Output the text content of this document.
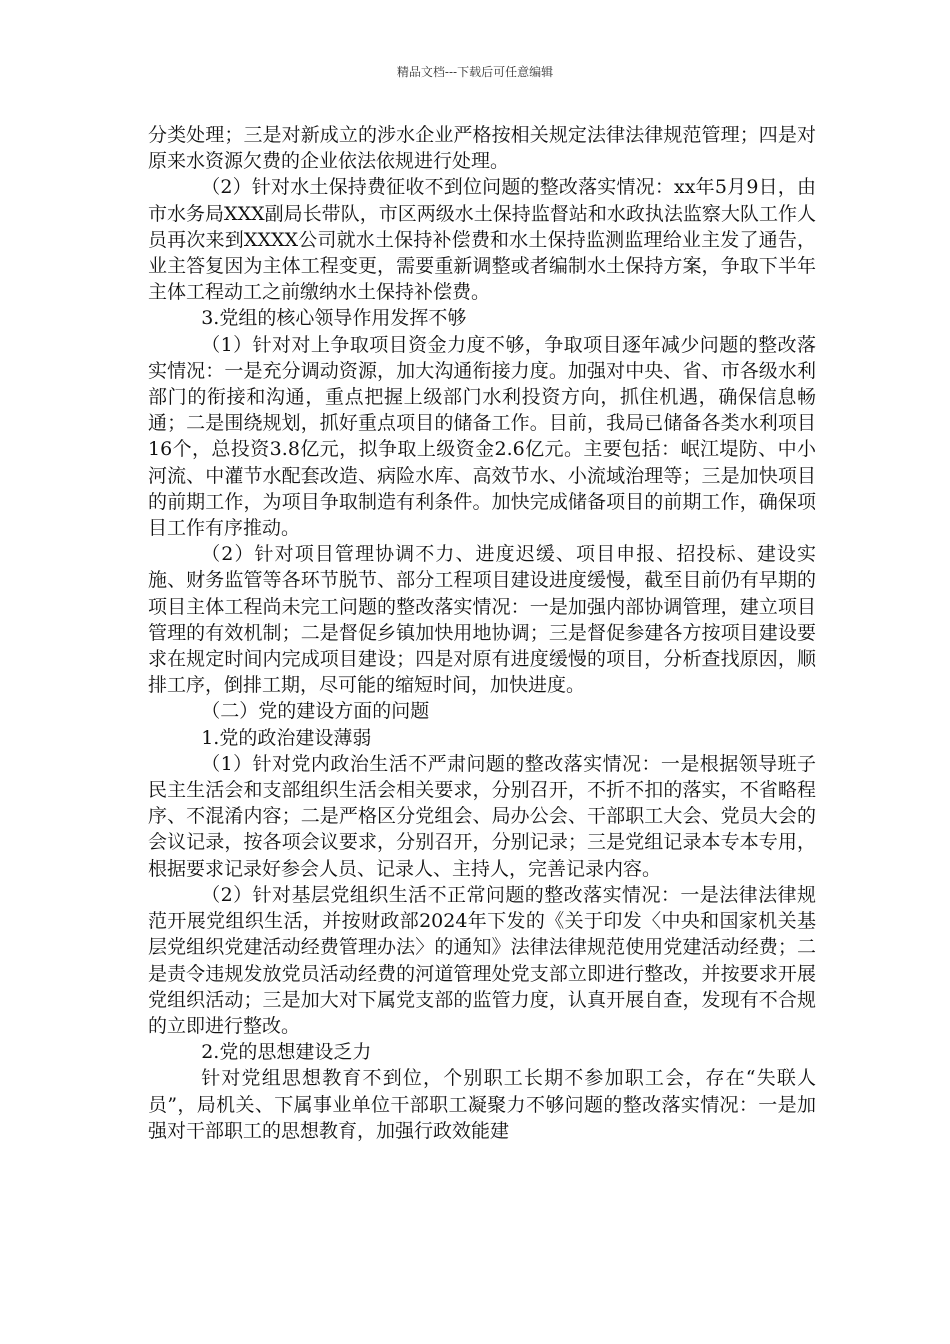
精品文档---下载后可任意编辑

分类处理；三是对新成立的涉水企业严格按相关规定法律法律规范管理；四是对原来水资源欠费的企业依法依规进行处理。

（2）针对水土保持费征收不到位问题的整改落实情况：xx年5月9日，由市水务局XXX副局长带队，市区两级水土保持监督站和水政执法监察大队工作人员再次来到XXXX公司就水土保持补偿费和水土保持监测监理给业主发了通告，业主答复因为主体工程变更，需要重新调整或者编制水土保持方案，争取下半年主体工程动工之前缴纳水土保持补偿费。

3.党组的核心领导作用发挥不够

（1）针对对上争取项目资金力度不够，争取项目逐年减少问题的整改落实情况：一是充分调动资源，加大沟通衔接力度。加强对中央、省、市各级水利部门的衔接和沟通，重点把握上级部门水利投资方向，抓住机遇，确保信息畅通；二是围绕规划，抓好重点项目的储备工作。目前，我局已储备各类水利项目16个，总投资3.8亿元，拟争取上级资金2.6亿元。主要包括：岷江堤防、中小河流、中灌节水配套改造、病险水库、高效节水、小流域治理等；三是加快项目的前期工作，为项目争取制造有利条件。加快完成储备项目的前期工作，确保项目工作有序推动。

（2）针对项目管理协调不力、进度迟缓、项目申报、招投标、建设实施、财务监管等各环节脱节、部分工程项目建设进度缓慢，截至目前仍有早期的项目主体工程尚未完工问题的整改落实情况：一是加强内部协调管理，建立项目管理的有效机制；二是督促乡镇加快用地协调；三是督促参建各方按项目建设要求在规定时间内完成项目建设；四是对原有进度缓慢的项目，分析查找原因，顺排工序，倒排工期，尽可能的缩短时间，加快进度。

（二）党的建设方面的问题

1.党的政治建设薄弱

（1）针对党内政治生活不严肃问题的整改落实情况：一是根据领导班子民主生活会和支部组织生活会相关要求，分别召开，不折不扣的落实，不省略程序、不混淆内容；二是严格区分党组会、局办公会、干部职工大会、党员大会的会议记录，按各项会议要求，分别召开，分别记录；三是党组记录本专本专用，根据要求记录好参会人员、记录人、主持人，完善记录内容。

（2）针对基层党组织生活不正常问题的整改落实情况：一是法律法律规范开展党组织生活，并按财政部2024年下发的《关于印发〈中央和国家机关基层党组织党建活动经费管理办法〉的通知》法律法律规范使用党建活动经费；二是责令违规发放党员活动经费的河道管理处党支部立即进行整改，并按要求开展党组织活动；三是加大对下属党支部的监管力度，认真开展自查，发现有不合规的立即进行整改。

2.党的思想建设乏力

针对党组思想教育不到位，个别职工长期不参加职工会，存在“失联人员”，局机关、下属事业单位干部职工凝聚力不够问题的整改落实情况：一是加强对干部职工的思想教育，加强行政效能建
